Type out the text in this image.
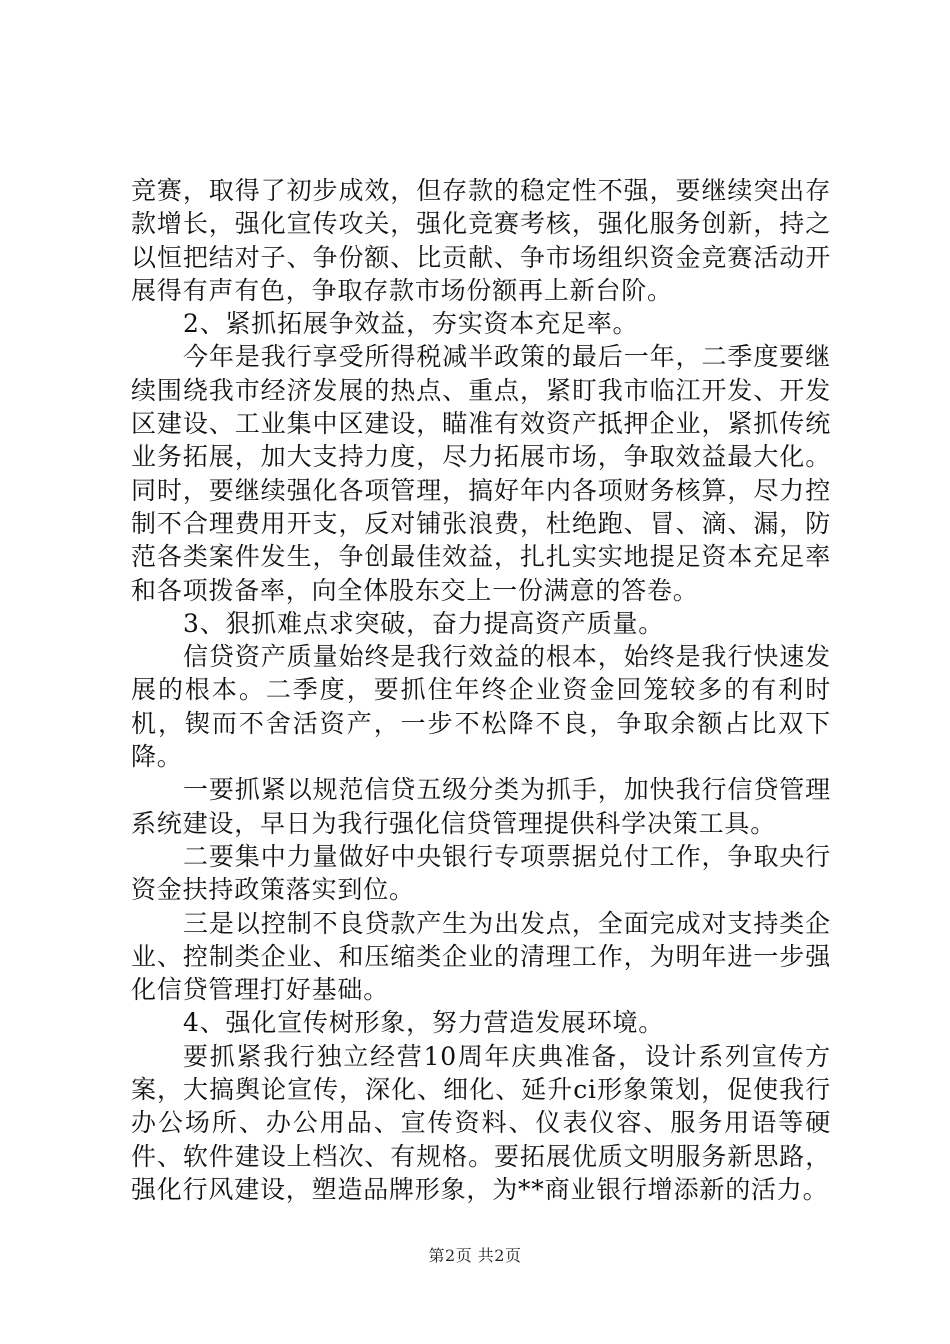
竞赛，取得了初步成效，但存款的稳定性不强，要继续突出存款增长，强化宣传攻关，强化竞赛考核，强化服务创新，持之以恒把结对子、争份额、比贡献、争市场组织资金竞赛活动开展得有声有色，争取存款市场份额再上新台阶。

2、紧抓拓展争效益，夯实资本充足率。

今年是我行享受所得税减半政策的最后一年，二季度要继续围绕我市经济发展的热点、重点，紧盯我市临江开发、开发区建设、工业集中区建设，瞄准有效资产抵押企业，紧抓传统业务拓展，加大支持力度，尽力拓展市场，争取效益最大化。同时，要继续强化各项管理，搞好年内各项财务核算，尽力控制不合理费用开支，反对铺张浪费，杜绝跑、冒、滴、漏，防范各类案件发生，争创最佳效益，扎扎实实地提足资本充足率和各项拨备率，向全体股东交上一份满意的答卷。

3、狠抓难点求突破，奋力提高资产质量。

信贷资产质量始终是我行效益的根本，始终是我行快速发展的根本。二季度，要抓住年终企业资金回笼较多的有利时机，锲而不舍活资产，一步不松降不良，争取余额占比双下降。

一要抓紧以规范信贷五级分类为抓手，加快我行信贷管理系统建设，早日为我行强化信贷管理提供科学决策工具。

二要集中力量做好中央银行专项票据兑付工作，争取央行资金扶持政策落实到位。

三是以控制不良贷款产生为出发点，全面完成对支持类企业、控制类企业、和压缩类企业的清理工作，为明年进一步强化信贷管理打好基础。

4、强化宣传树形象，努力营造发展环境。

要抓紧我行独立经营10周年庆典准备，设计系列宣传方案，大搞舆论宣传，深化、细化、延升ci形象策划，促使我行办公场所、办公用品、宣传资料、仪表仪容、服务用语等硬件、软件建设上档次、有规格。要拓展优质文明服务新思路，强化行风建设，塑造品牌形象，为**商业银行增添新的活力。

第2页 共2页
